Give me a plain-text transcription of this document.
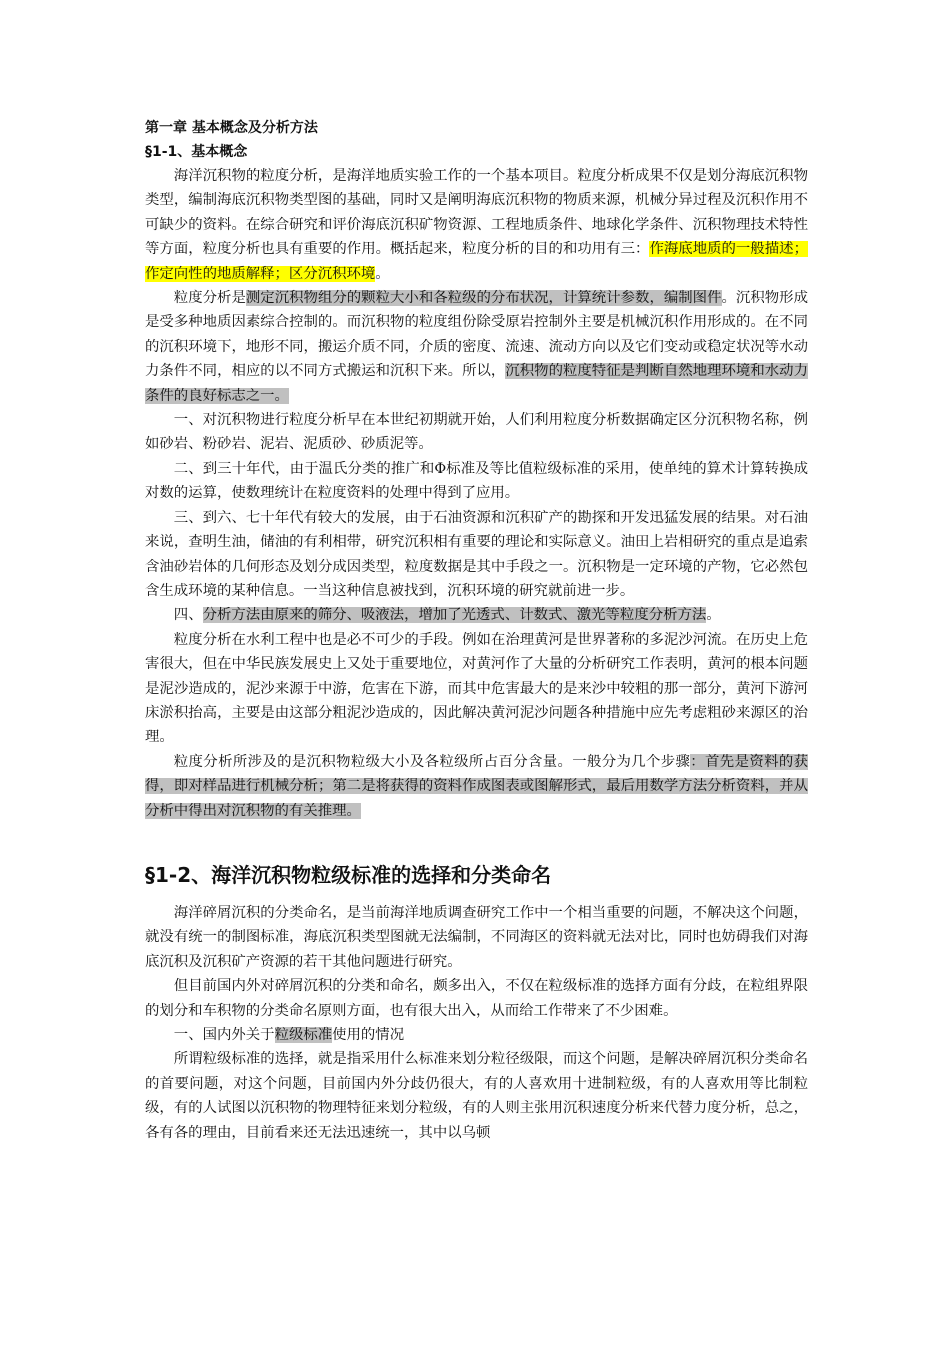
第一章 基本概念及分析方法
§1-1、基本概念

海洋沉积物的粒度分析，是海洋地质实验工作的一个基本项目。粒度分析成果不仅是划分海底沉积物类型，编制海底沉积物类型图的基础，同时又是阐明海底沉积物的物质来源，机械分异过程及沉积作用不可缺少的资料。在综合研究和评价海底沉积矿物资源、工程地质条件、地球化学条件、沉积物理技术特性等方面，粒度分析也具有重要的作用。概括起来，粒度分析的目的和功用有三：作海底地质的一般描述；作定向性的地质解释；区分沉积环境。

粒度分析是测定沉积物组分的颗粒大小和各粒级的分布状况，计算统计参数，编制图件。沉积物形成是受多种地质因素综合控制的。而沉积物的粒度组份除受原岩控制外主要是机械沉积作用形成的。在不同的沉积环境下，地形不同，搬运介质不同，介质的密度、流速、流动方向以及它们变动或稳定状况等水动力条件不同，相应的以不同方式搬运和沉积下来。所以，沉积物的粒度特征是判断自然地理环境和水动力条件的良好标志之一。

一、对沉积物进行粒度分析早在本世纪初期就开始，人们利用粒度分析数据确定区分沉积物名称，例如砂岩、粉砂岩、泥岩、泥质砂、砂质泥等。

二、到三十年代，由于温氏分类的推广和Φ标准及等比值粒级标准的采用，使单纯的算术计算转换成对数的运算，使数理统计在粒度资料的处理中得到了应用。

三、到六、七十年代有较大的发展，由于石油资源和沉积矿产的勘探和开发迅猛发展的结果。对石油来说，查明生油，储油的有利相带，研究沉积相有重要的理论和实际意义。油田上岩相研究的重点是追索含油砂岩体的几何形态及划分成因类型，粒度数据是其中手段之一。沉积物是一定环境的产物，它必然包含生成环境的某种信息。一当这种信息被找到，沉积环境的研究就前进一步。

四、分析方法由原来的筛分、吸液法，增加了光透式、计数式、激光等粒度分析方法。

粒度分析在水利工程中也是必不可少的手段。例如在治理黄河是世界著称的多泥沙河流。在历史上危害很大，但在中华民族发展史上又处于重要地位，对黄河作了大量的分析研究工作表明，黄河的根本问题是泥沙造成的，泥沙来源于中游，危害在下游，而其中危害最大的是来沙中较粗的那一部分，黄河下游河床淤积抬高，主要是由这部分粗泥沙造成的，因此解决黄河泥沙问题各种措施中应先考虑粗砂来源区的治理。

粒度分析所涉及的是沉积物粒级大小及各粒级所占百分含量。一般分为几个步骤：首先是资料的获得，即对样品进行机械分析；第二是将获得的资料作成图表或图解形式，最后用数学方法分析资料，并从分析中得出对沉积物的有关推理。

§1-2、海洋沉积物粒级标准的选择和分类命名

海洋碎屑沉积的分类命名，是当前海洋地质调查研究工作中一个相当重要的问题，不解决这个问题，就没有统一的制图标准，海底沉积类型图就无法编制，不同海区的资料就无法对比，同时也妨碍我们对海底沉积及沉积矿产资源的若干其他问题进行研究。

但目前国内外对碎屑沉积的分类和命名，颇多出入，不仅在粒级标准的选择方面有分歧，在粒组界限的划分和车积物的分类命名原则方面，也有很大出入，从而给工作带来了不少困难。

一、国内外关于粒级标准使用的情况

所谓粒级标准的选择，就是指采用什么标准来划分粒径级限，而这个问题，是解决碎屑沉积分类命名的首要问题，对这个问题，目前国内外分歧仍很大，有的人喜欢用十进制粒级，有的人喜欢用等比制粒级，有的人试图以沉积物的物理特征来划分粒级，有的人则主张用沉积速度分析来代替力度分析，总之，各有各的理由，目前看来还无法迅速统一，其中以乌顿
